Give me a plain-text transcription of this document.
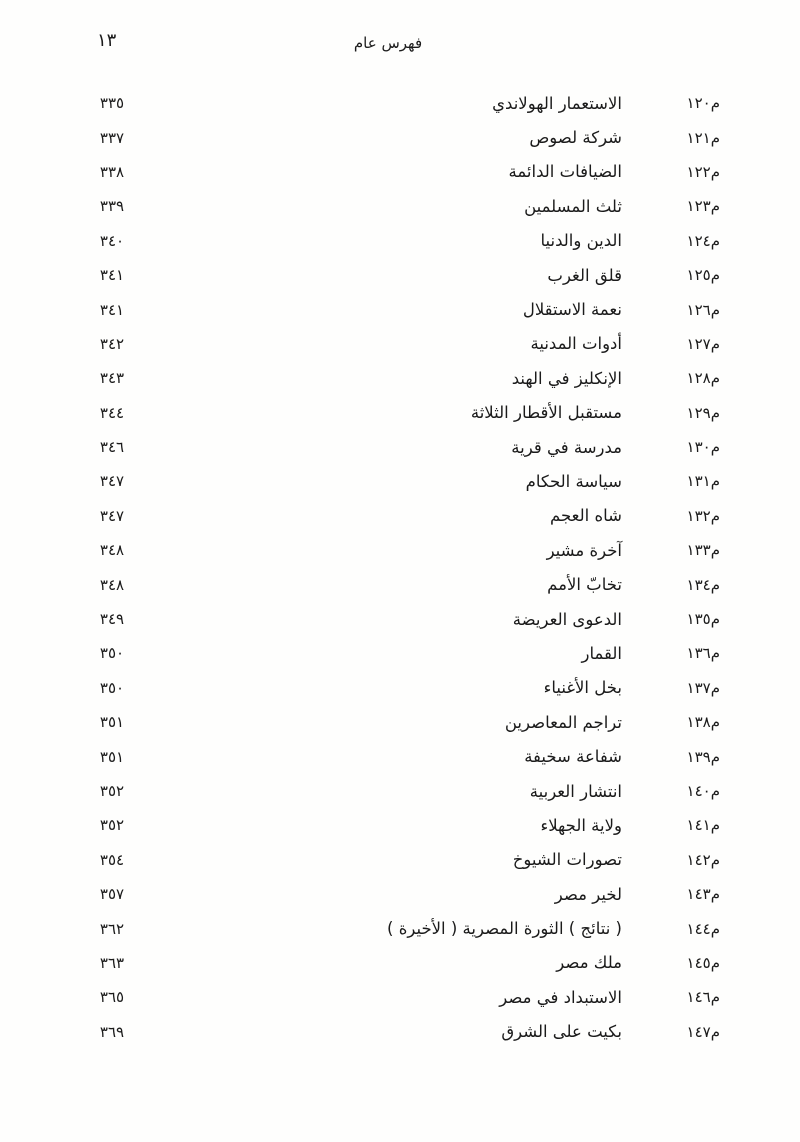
١٣	فهرس عام
م١٢٠
الاستعمار الهولاندي
٣٣٥
م١٢١
شركة لصوص
٣٣٧
م١٢٢
الضيافات الدائمة
٣٣٨
م١٢٣
ثلث المسلمين
٣٣٩
م١٢٤
الدين والدنيا
٣٤٠
م١٢٥
قلق الغرب
٣٤١
م١٢٦
نعمة الاستقلال
٣٤١
م١٢٧
أدوات المدنية
٣٤٢
م١٢٨
الإنكليز في الهند
٣٤٣
م١٢٩
مستقبل الأقطار الثلاثة
٣٤٤
م١٣٠
مدرسة في قرية
٣٤٦
م١٣١
سياسة الحكام
٣٤٧
م١٣٢
شاه العجم
٣٤٧
م١٣٣
آخرة مشير
٣٤٨
م١٣٤
تخابّ الأمم
٣٤٨
م١٣٥
الدعوى العريضة
٣٤٩
م١٣٦
القمار
٣٥٠
م١٣٧
بخل الأغنياء
٣٥٠
م١٣٨
تراجم المعاصرين
٣٥١
م١٣٩
شفاعة سخيفة
٣٥١
م١٤٠
انتشار العربية
٣٥٢
م١٤١
ولاية الجهلاء
٣٥٢
م١٤٢
تصورات الشيوخ
٣٥٤
م١٤٣
لخير مصر
٣٥٧
م١٤٤
( نتائج ) الثورة المصرية ( الأخيرة )
٣٦٢
م١٤٥
ملك مصر
٣٦٣
م١٤٦
الاستبداد في مصر
٣٦٥
م١٤٧
بكيت على الشرق
٣٦٩
